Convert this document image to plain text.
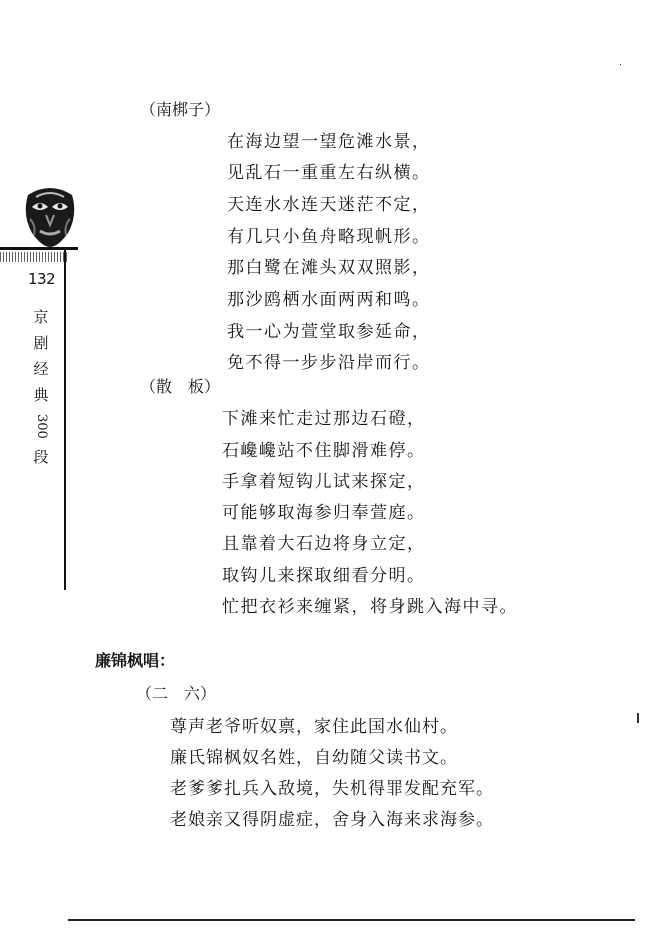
132
京
剧
经
典
300
段
（南梆子）
在海边望一望危滩水景，
见乱石一重重左右纵横。
天连水水连天迷茫不定，
有几只小鱼舟略现帆形。
那白鹭在滩头双双照影，
那沙鸥栖水面两两和鸣。
我一心为萱堂取参延命，
免不得一步步沿岸而行。
（散　板）
下滩来忙走过那边石磴，
石巉巉站不住脚滑难停。
手拿着短钩儿试来探定，
可能够取海参归奉萱庭。
且靠着大石边将身立定，
取钩儿来探取细看分明。
忙把衣衫来缠紧，将身跳入海中寻。
廉锦枫唱：
（二　六）
尊声老爷听奴禀，家住此国水仙村。
廉氏锦枫奴名姓，自幼随父读书文。
老爹爹扎兵入敌境，失机得罪发配充军。
老娘亲又得阴虚症，舍身入海来求海参。
